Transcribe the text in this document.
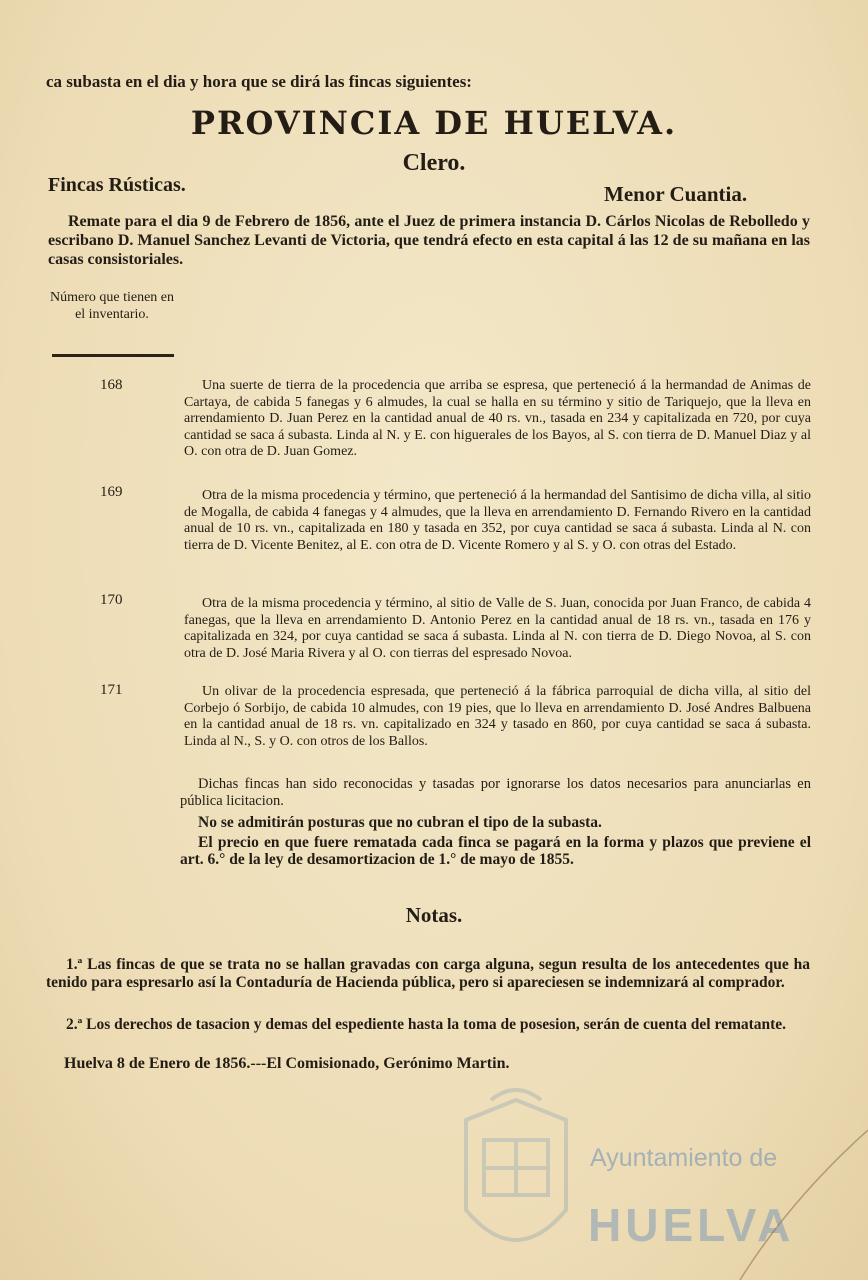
ca subasta en el dia y hora que se dirá las fincas siguientes:
PROVINCIA DE HUELVA.
Clero.
Fincas Rústicas.	Menor Cuantia.
Remate para el dia 9 de Febrero de 1856, ante el Juez de primera instancia D. Cárlos Nicolas de Rebolledo y escribano D. Manuel Sanchez Levanti de Victoria, que tendrá efecto en esta capital á las 12 de su mañana en las casas consistoriales.
Número que tienen en el inventario.
168	Una suerte de tierra de la procedencia que arriba se espresa, que perteneció á la hermandad de Animas de Cartaya, de cabida 5 fanegas y 6 almudes, la cual se halla en su término y sitio de Tariquejo, que la lleva en arrendamiento D. Juan Perez en la cantidad anual de 40 rs. vn., tasada en 234 y capitalizada en 720, por cuya cantidad se saca á subasta. Linda al N. y E. con higuerales de los Bayos, al S. con tierra de D. Manuel Diaz y al O. con otra de D. Juan Gomez.
169	Otra de la misma procedencia y término, que perteneció á la hermandad del Santisimo de dicha villa, al sitio de Mogalla, de cabida 4 fanegas y 4 almudes, que la lleva en arrendamiento D. Fernando Rivero en la cantidad anual de 10 rs. vn., capitalizada en 180 y tasada en 352, por cuya cantidad se saca á subasta. Linda al N. con tierra de D. Vicente Benitez, al E. con otra de D. Vicente Romero y al S. y O. con otras del Estado.
170	Otra de la misma procedencia y término, al sitio de Valle de S. Juan, conocida por Juan Franco, de cabida 4 fanegas, que la lleva en arrendamiento D. Antonio Perez en la cantidad anual de 18 rs. vn., tasada en 176 y capitalizada en 324, por cuya cantidad se saca á subasta. Linda al N. con tierra de D. Diego Novoa, al S. con otra de D. José Maria Rivera y al O. con tierras del espresado Novoa.
171	Un olivar de la procedencia espresada, que perteneció á la fábrica parroquial de dicha villa, al sitio del Corbejo ó Sorbijo, de cabida 10 almudes, con 19 pies, que lo lleva en arrendamiento D. José Andres Balbuena en la cantidad anual de 18 rs. vn. capitalizado en 324 y tasado en 860, por cuya cantidad se saca á subasta. Linda al N., S. y O. con otros de los Ballos.
Dichas fincas han sido reconocidas y tasadas por ignorarse los datos necesarios para anunciarlas en pública licitacion.
No se admitirán posturas que no cubran el tipo de la subasta.
El precio en que fuere rematada cada finca se pagará en la forma y plazos que previene el art. 6.° de la ley de desamortizacion de 1.° de mayo de 1855.
Notas.
1.ª Las fincas de que se trata no se hallan gravadas con carga alguna, segun resulta de los antecedentes que ha tenido para espresarlo así la Contaduría de Hacienda pública, pero si apareciesen se indemnizará al comprador.
2.ª Los derechos de tasacion y demas del espediente hasta la toma de posesion, serán de cuenta del rematante.
Huelva 8 de Enero de 1856.---El Comisionado, Gerónimo Martin.
Ayuntamiento de
HUELVA
